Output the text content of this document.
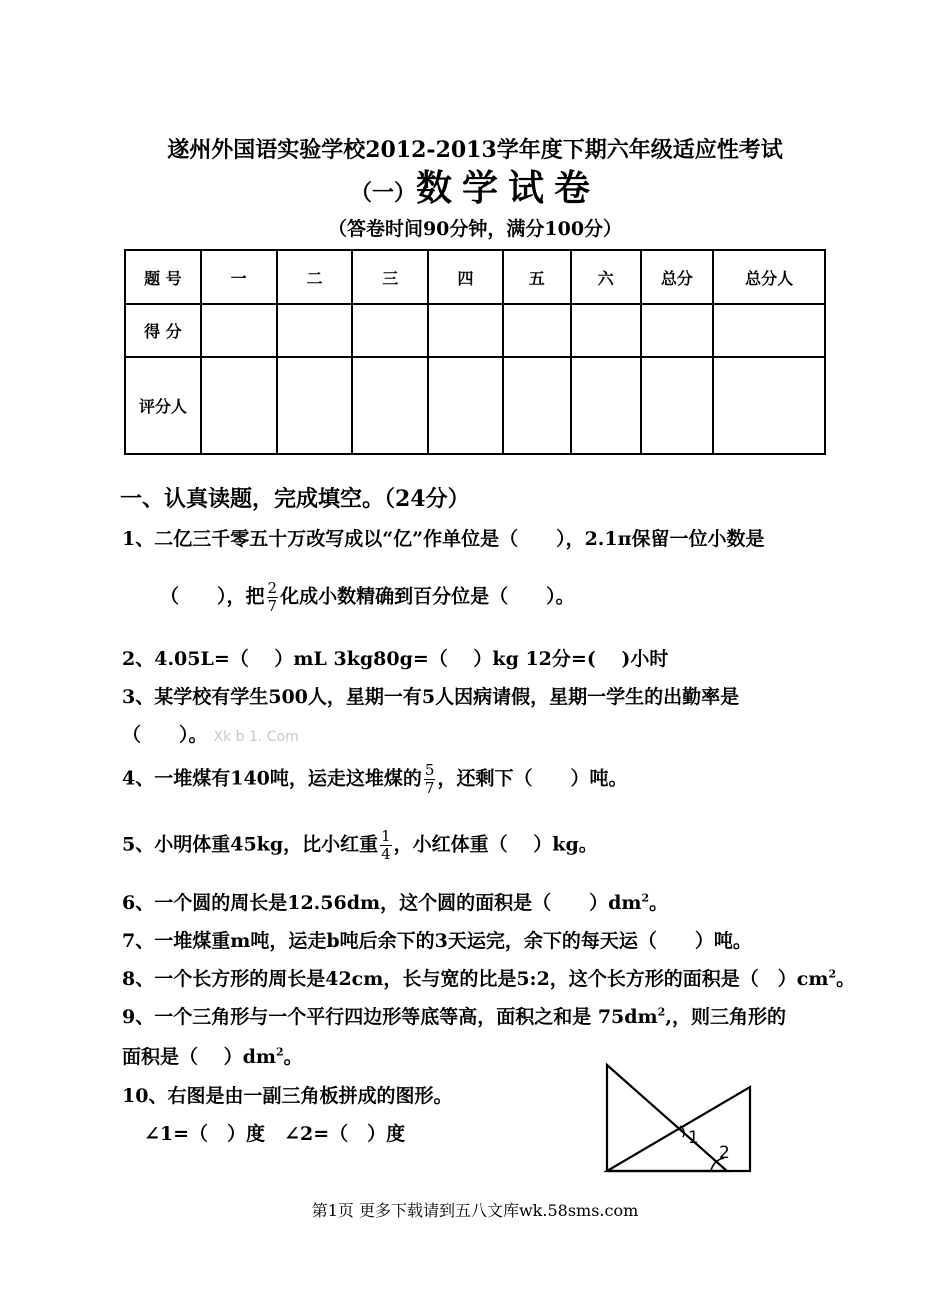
遂州外国语实验学校2012-2013学年度下期六年级适应性考试
（一）数学试卷
（答卷时间90分钟，满分100分）
题 号	一	二	三	四	五	六	总分	总分人
得 分								
评分人								
一、认真读题，完成填空。（24分）
1、二亿三千零五十万改写成以“亿”作单位是（　　），2.1π保留一位小数是
（　　），把 $\frac{2}{7}$ 化成小数精确到百分位是（　　）。
2、4.05L=（　 ）mL 3kg80g=（　 ）kg 12分=(　 )小时
3、某学校有学生500人，星期一有5人因病请假，星期一学生的出勤率是
（　　）。 Xk b 1. Com
4、一堆煤有140吨，运走这堆煤的 $\frac{5}{7}$ ，还剩下（　　）吨。
5、小明体重45kg，比小红重 $\frac{1}{4}$ ，小红体重（　 ）kg。
6、一个圆的周长是12.56dm，这个圆的面积是（　　）$dm^2$。
7、一堆煤重m吨，运走b吨后余下的3天运完，余下的每天运（　　）吨。
8、一个长方形的周长是42cm，长与宽的比是5:2，这个长方形的面积是（　）$cm^2$。
9、一个三角形与一个平行四边形等底等高，面积之和是 $75dm^2$,，则三角形的
面积是（　 ）$dm^2$。
10、右图是由一副三角板拼成的图形。
∠1=（　）度　∠2=（　）度	1
2
第1页 更多下载请到五八文库wk.58sms.com
